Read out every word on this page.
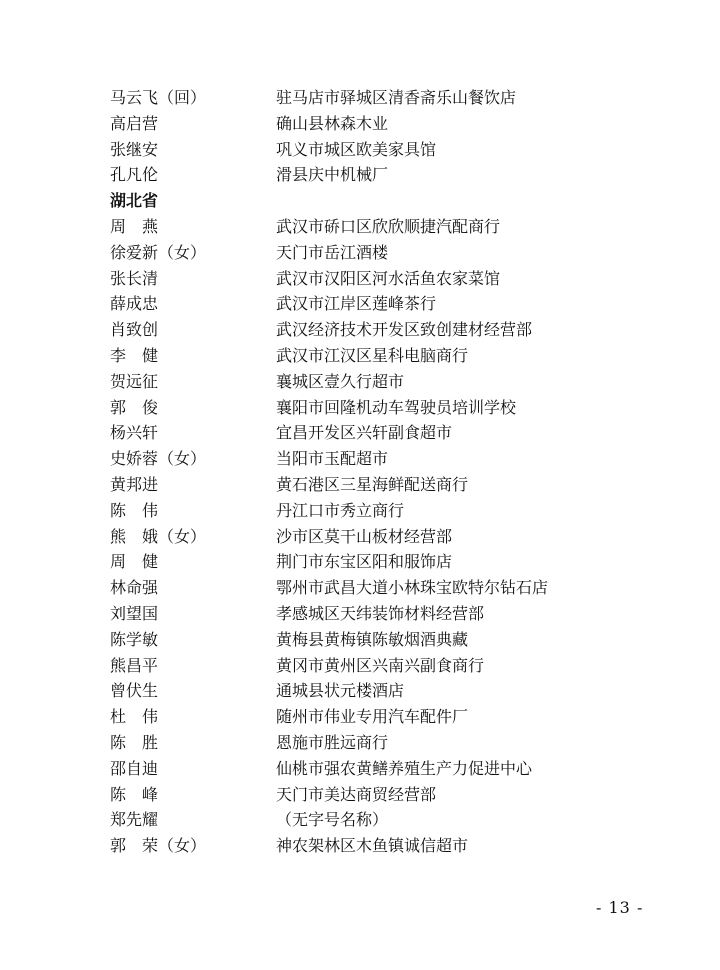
马云飞（回）	驻马店市驿城区清香斋乐山餐饮店
高启营	确山县林森木业
张继安	巩义市城区欧美家具馆
孔凡伦	滑县庆中机械厂
湖北省
周　燕	武汉市硚口区欣欣顺捷汽配商行
徐爱新（女）	天门市岳江酒楼
张长清	武汉市汉阳区河水活鱼农家菜馆
薛成忠	武汉市江岸区莲峰茶行
肖致创	武汉经济技术开发区致创建材经营部
李　健	武汉市江汉区星科电脑商行
贺远征	襄城区壹久行超市
郭　俊	襄阳市回隆机动车驾驶员培训学校
杨兴轩	宜昌开发区兴轩副食超市
史娇蓉（女）	当阳市玉配超市
黄邦进	黄石港区三星海鲜配送商行
陈　伟	丹江口市秀立商行
熊　娥（女）	沙市区莫干山板材经营部
周　健	荆门市东宝区阳和服饰店
林命强	鄂州市武昌大道小林珠宝欧特尔钻石店
刘望国	孝感城区天纬装饰材料经营部
陈学敏	黄梅县黄梅镇陈敏烟酒典藏
熊昌平	黄冈市黄州区兴南兴副食商行
曾伏生	通城县状元楼酒店
杜　伟	随州市伟业专用汽车配件厂
陈　胜	恩施市胜远商行
邵自迪	仙桃市强农黄鳝养殖生产力促进中心
陈　峰	天门市美达商贸经营部
郑先耀	（无字号名称）
郭　荣（女）	神农架林区木鱼镇诚信超市
- 13 -
